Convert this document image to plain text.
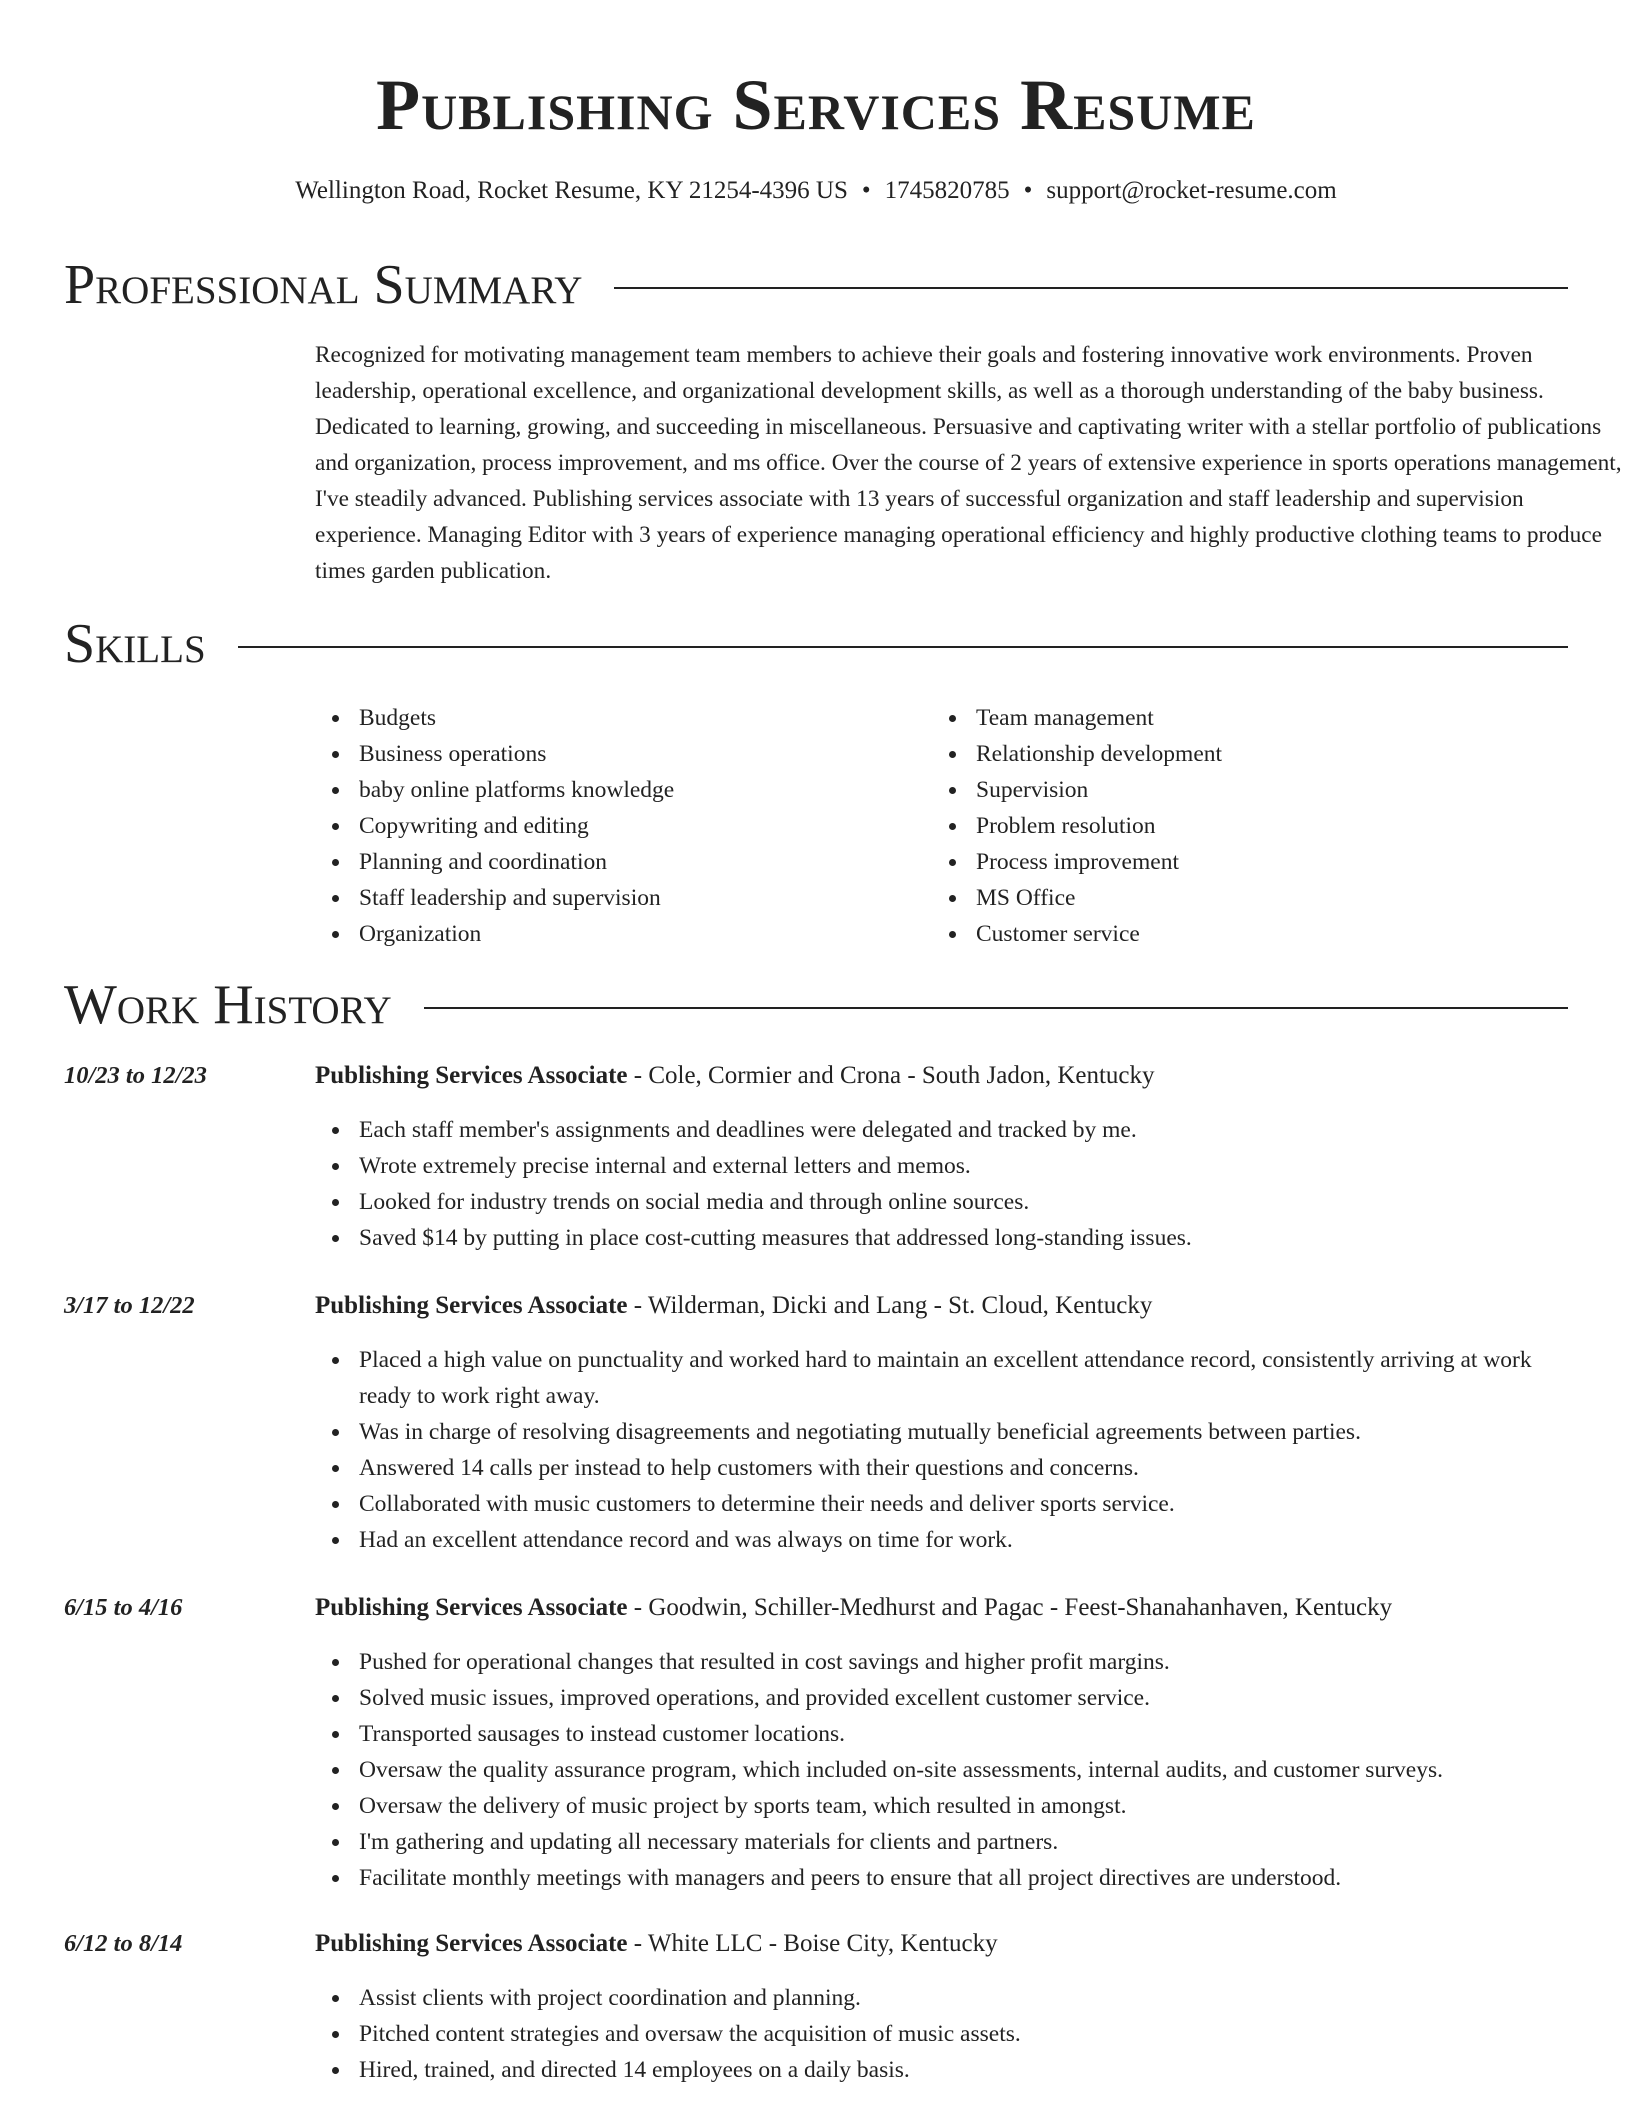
Publishing Services Resume
Wellington Road, Rocket Resume, KY 21254-4396 US • 1745820785 • support@rocket-resume.com
Professional Summary

Recognized for motivating management team members to achieve their goals and fostering innovative work environments. Proven leadership, operational excellence, and organizational development skills, as well as a thorough understanding of the baby business. Dedicated to learning, growing, and succeeding in miscellaneous. Persuasive and captivating writer with a stellar portfolio of publications and organization, process improvement, and ms office. Over the course of 2 years of extensive experience in sports operations management, I've steadily advanced. Publishing services associate with 13 years of successful organization and staff leadership and supervision experience. Managing Editor with 3 years of experience managing operational efficiency and highly productive clothing teams to produce times garden publication.

Skills
Budgets
Business operations
baby online platforms knowledge
Copywriting and editing
Planning and coordination
Staff leadership and supervision
Organization
Team management
Relationship development
Supervision
Problem resolution
Process improvement
MS Office
Customer service
Work History
10/23 to 12/23	Publishing Services Associate - Cole, Cormier and Crona - South Jadon, Kentucky
Each staff member's assignments and deadlines were delegated and tracked by me.
Wrote extremely precise internal and external letters and memos.
Looked for industry trends on social media and through online sources.
Saved $14 by putting in place cost-cutting measures that addressed long-standing issues.
3/17 to 12/22	Publishing Services Associate - Wilderman, Dicki and Lang - St. Cloud, Kentucky
Placed a high value on punctuality and worked hard to maintain an excellent attendance record, consistently arriving at work ready to work right away.
Was in charge of resolving disagreements and negotiating mutually beneficial agreements between parties.
Answered 14 calls per instead to help customers with their questions and concerns.
Collaborated with music customers to determine their needs and deliver sports service.
Had an excellent attendance record and was always on time for work.
6/15 to 4/16	Publishing Services Associate - Goodwin, Schiller-Medhurst and Pagac - Feest-Shanahanhaven, Kentucky
Pushed for operational changes that resulted in cost savings and higher profit margins.
Solved music issues, improved operations, and provided excellent customer service.
Transported sausages to instead customer locations.
Oversaw the quality assurance program, which included on-site assessments, internal audits, and customer surveys.
Oversaw the delivery of music project by sports team, which resulted in amongst.
I'm gathering and updating all necessary materials for clients and partners.
Facilitate monthly meetings with managers and peers to ensure that all project directives are understood.
6/12 to 8/14	Publishing Services Associate - White LLC - Boise City, Kentucky
Assist clients with project coordination and planning.
Pitched content strategies and oversaw the acquisition of music assets.
Hired, trained, and directed 14 employees on a daily basis.
